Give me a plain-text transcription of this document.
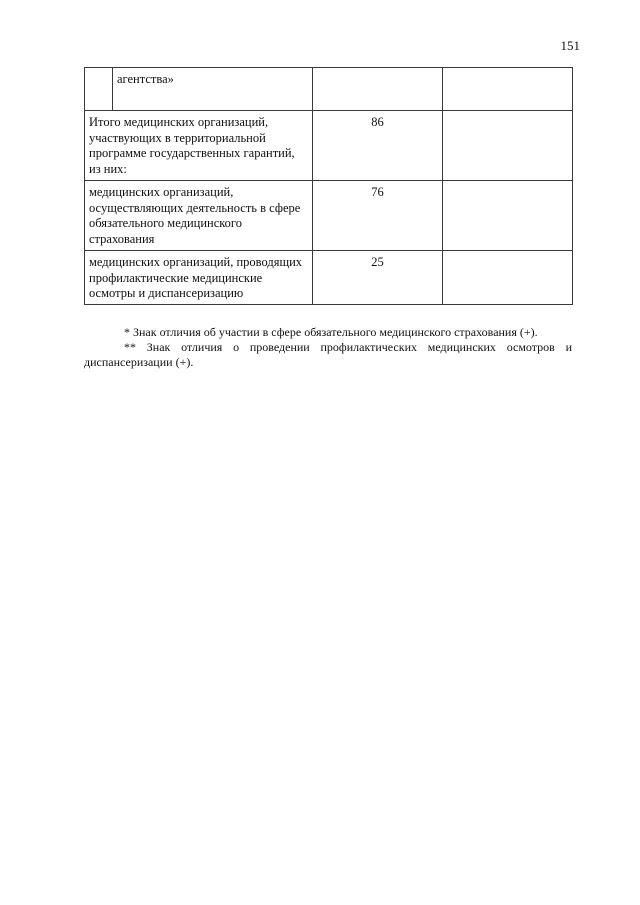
151
	агентства»		
Итого медицинских организаций, участвующих в территориальной программе государственных гарантий, из них:		86	
медицинских организаций, осуществляющих деятельность в сфере обязательного медицинского страхования		76	
медицинских организаций, проводящих профилактические медицинские осмотры и диспансеризацию		25	

* Знак отличия об участии в сфере обязательного медицинского страхования (+).

** Знак отличия о проведении профилактических медицинских осмотров и

диспансеризации (+).
